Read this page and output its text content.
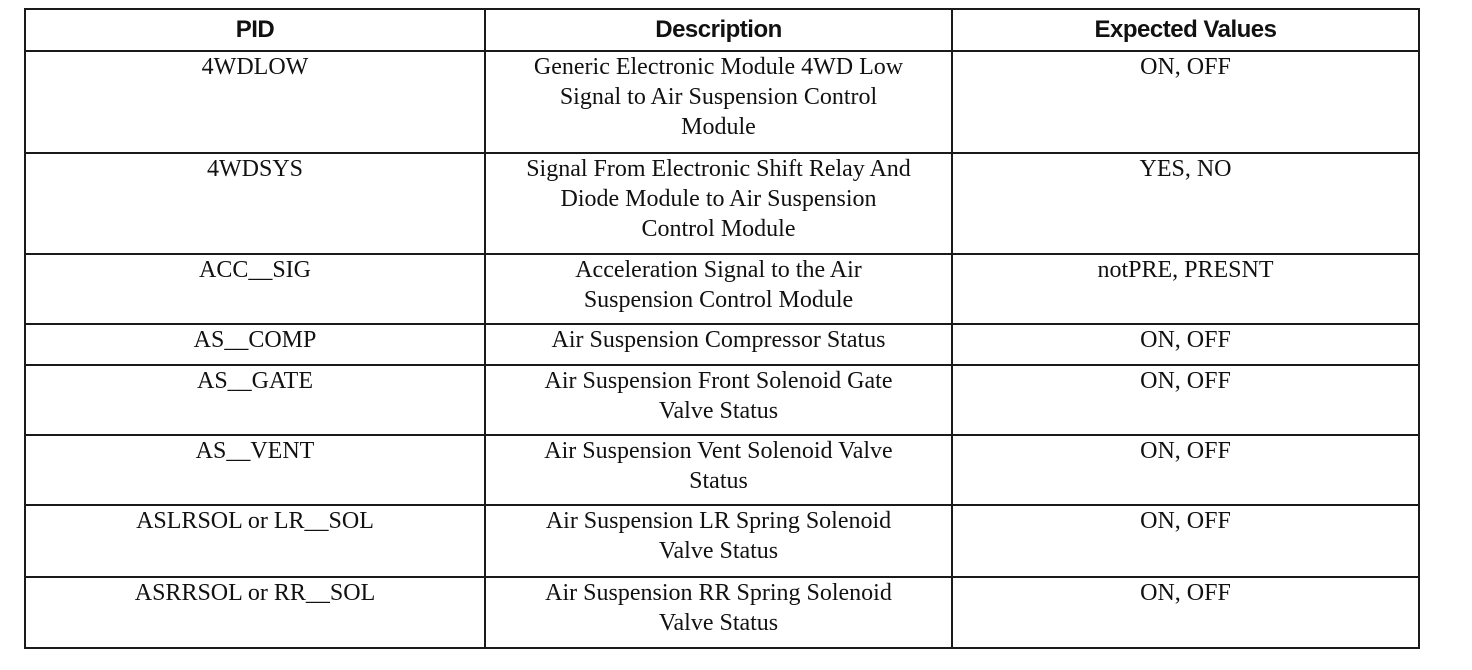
PID	Description	Expected Values
4WDLOW	Generic Electronic Module 4WD Low
Signal to Air Suspension Control
Module	ON, OFF
4WDSYS	Signal From Electronic Shift Relay And
Diode Module to Air Suspension
Control Module	YES, NO
ACC__SIG	Acceleration Signal to the Air
Suspension Control Module	notPRE, PRESNT
AS__COMP	Air Suspension Compressor Status	ON, OFF
AS__GATE	Air Suspension Front Solenoid Gate
Valve Status	ON, OFF
AS__VENT	Air Suspension Vent Solenoid Valve
Status	ON, OFF
ASLRSOL or LR__SOL	Air Suspension LR Spring Solenoid
Valve Status	ON, OFF
ASRRSOL or RR__SOL	Air Suspension RR Spring Solenoid
Valve Status	ON, OFF
